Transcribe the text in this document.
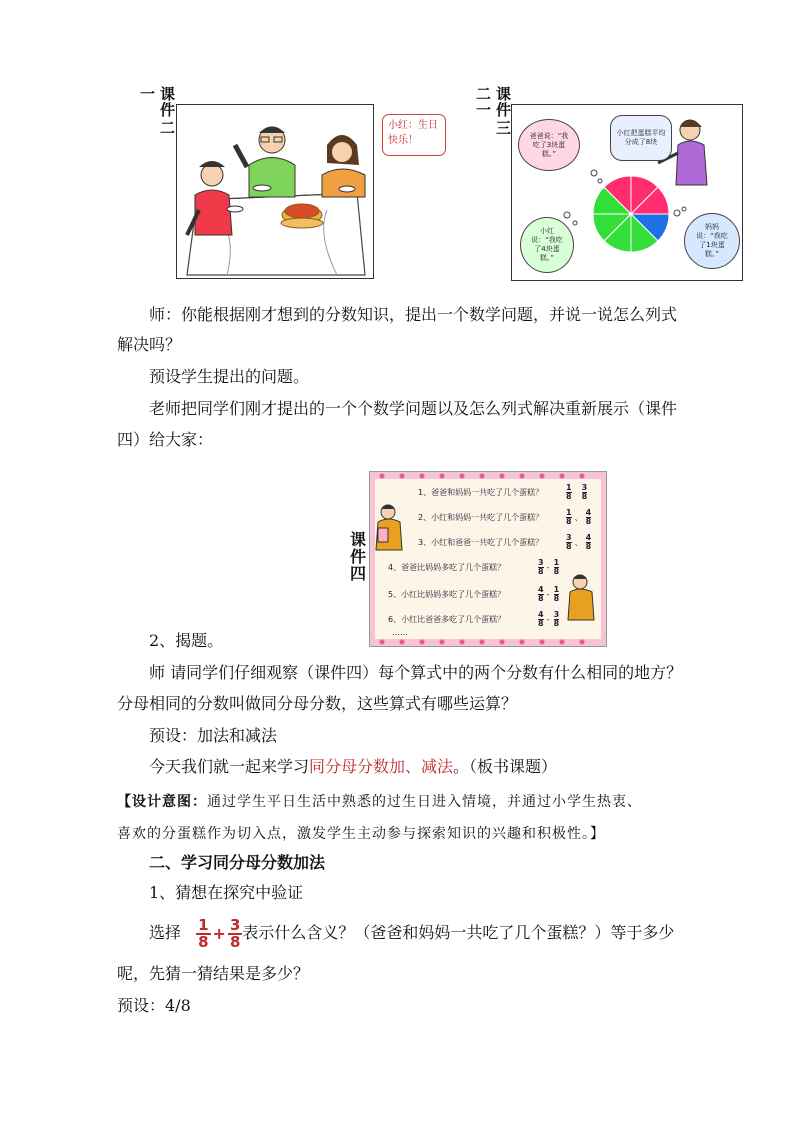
一 课
件
二	小红：生日快乐！
二
一
课
件
三	爸爸说：“我吃了3块蛋糕。”
小红把蛋糕平均分成了8块
小红说：“我吃了4块蛋糕。”
妈妈说：“我吃了1块蛋糕。”
师：你能根据刚才想到的分数知识，提出一个数学问题，并说一说怎么列式
解决吗？
预设学生提出的问题。
老师把同学们刚才提出的一个个数学问题以及怎么列式解决重新展示（课件
四）给大家：
课
件
四
1、爸爸和妈妈一共吃了几个蛋糕？
1
8
3
8
2、小红和妈妈一共吃了几个蛋糕？
1
8 、
4
8
3、小红和爸爸一共吃了几个蛋糕？
3
8 、
4
8
4、爸爸比妈妈多吃了几个蛋糕？
3
8 -
1
8
5、小红比妈妈多吃了几个蛋糕？
4
8 -
1
8
6、小红比爸爸多吃了几个蛋糕？
4
8 -
3
8
……
2、揭题。
师 请同学们仔细观察（课件四）每个算式中的两个分数有什么相同的地方？
分母相同的分数叫做同分母分数，这些算式有哪些运算？
预设：加法和减法
今天我们就一起来学习同分母分数加、减法。（板书课题）
【设计意图：通过学生平日生活中熟悉的过生日进入情境，并通过小学生热衷、
喜欢的分蛋糕作为切入点，激发学生主动参与探索知识的兴趣和积极性。】
二、学习同分母分数加法
1、猜想在探究中验证
选择 $\frac{1}{8} + \frac{3}{8}$ 表示什么含义？（爸爸和妈妈一共吃了几个蛋糕？）等于多少
呢，先猜一猜结果是多少？
预设：4/8
